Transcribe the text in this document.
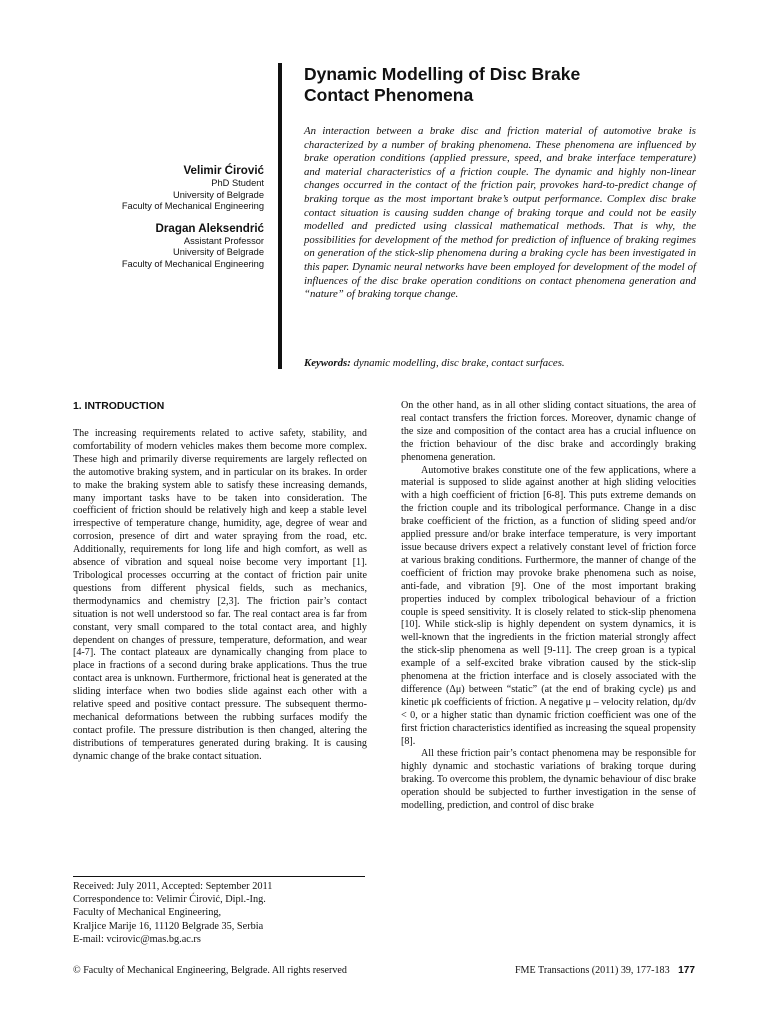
Dynamic Modelling of Disc Brake
Contact Phenomena
Velimir Ćirović
PhD Student
University of Belgrade
Faculty of Mechanical Engineering
Dragan Aleksendrić
Assistant Professor
University of Belgrade
Faculty of Mechanical Engineering

An interaction between a brake disc and friction material of automotive brake is characterized by a number of braking phenomena. These phenomena are influenced by brake operation conditions (applied pressure, speed, and brake interface temperature) and material characteristics of a friction couple. The dynamic and highly non-linear changes occurred in the contact of the friction pair, provokes hard-to-predict change of braking torque as the most important brake’s output performance. Complex disc brake contact situation is causing sudden change of braking torque and could not be easily modelled and predicted using classical mathematical methods. That is why, the possibilities for development of the method for prediction of influence of braking regimes on generation of the stick-slip phenomena during a braking cycle has been investigated in this paper. Dynamic neural networks have been employed for development of the model of influences of the disc brake operation conditions on contact phenomena generation and “nature” of braking torque change.

Keywords: dynamic modelling, disc brake, contact surfaces.

1. INTRODUCTION

The increasing requirements related to active safety, stability, and comfortability of modern vehicles makes them become more complex. These high and primarily diverse requirements are largely reflected on the automotive braking system, and in particular on its brakes. In order to make the braking system able to satisfy these increasing demands, many important tasks have to be taken into consideration. The coefficient of friction should be relatively high and keep a stable level irrespective of temperature change, humidity, age, degree of wear and corrosion, presence of dirt and water spraying from the road, etc. Additionally, requirements for long life and high comfort, as well as absence of vibration and squeal noise become very important [1]. Tribological processes occurring at the contact of friction pair unite questions from different physical fields, such as mechanics, thermodynamics and chemistry [2,3]. The friction pair’s contact situation is not well understood so far. The real contact area is far from constant, very small compared to the total contact area, and highly dependent on changes of pressure, temperature, deformation, and wear [4-7]. The contact plateaux are dynamically changing from place to place in fractions of a second during brake applications. Thus the true contact area is unknown. Furthermore, frictional heat is generated at the sliding interface when two bodies slide against each other with a relative speed and positive contact pressure. The subsequent thermo-mechanical deformations between the rubbing surfaces modify the contact profile. The pressure distribution is then changed, altering the distributions of temperatures generated during braking. It is causing dynamic change of the brake contact situation.

On the other hand, as in all other sliding contact situations, the area of real contact transfers the friction forces. Moreover, dynamic change of the size and composition of the contact area has a crucial influence on the friction behaviour of the disc brake and accordingly braking phenomena generation.

Automotive brakes constitute one of the few applications, where a material is supposed to slide against another at high sliding velocities with a high coefficient of friction [6-8]. This puts extreme demands on the friction couple and its tribological performance. Change in a disc brake coefficient of the friction, as a function of sliding speed and/or applied pressure and/or brake interface temperature, is very important issue because drivers expect a relatively constant level of friction force at various braking conditions. Furthermore, the manner of change of the coefficient of friction may provoke brake phenomena such as noise, anti-fade, and vibration [9]. One of the most important braking properties induced by complex tribological behaviour of a friction couple is speed sensitivity. It is closely related to stick-slip phenomena [10]. While stick-slip is highly dependent on system dynamics, it is well-known that the ingredients in the friction material strongly affect the stick-slip phenomena as well [9-11]. The creep groan is a typical example of a self-excited brake vibration caused by the stick-slip phenomena at the friction interface and is closely associated with the difference (Δμ) between “static” (at the end of braking cycle) μs and kinetic μk coefficients of friction. A negative μ – velocity relation, dμ/dv < 0, or a higher static than dynamic friction coefficient was one of the first friction characteristics identified as increasing the squeal propensity [8].

All these friction pair’s contact phenomena may be responsible for highly dynamic and stochastic variations of braking torque during braking. To overcome this problem, the dynamic behaviour of disc brake operation should be subjected to further investigation in the sense of modelling, prediction, and control of disc brake

Received: July 2011, Accepted: September 2011
Correspondence to: Velimir Ćirović, Dipl.-Ing.
Faculty of Mechanical Engineering,
Kraljice Marije 16, 11120 Belgrade 35, Serbia
E-mail: vcirovic@mas.bg.ac.rs
© Faculty of Mechanical Engineering, Belgrade. All rights reserved	FME Transactions (2011) 39, 177-183 177
